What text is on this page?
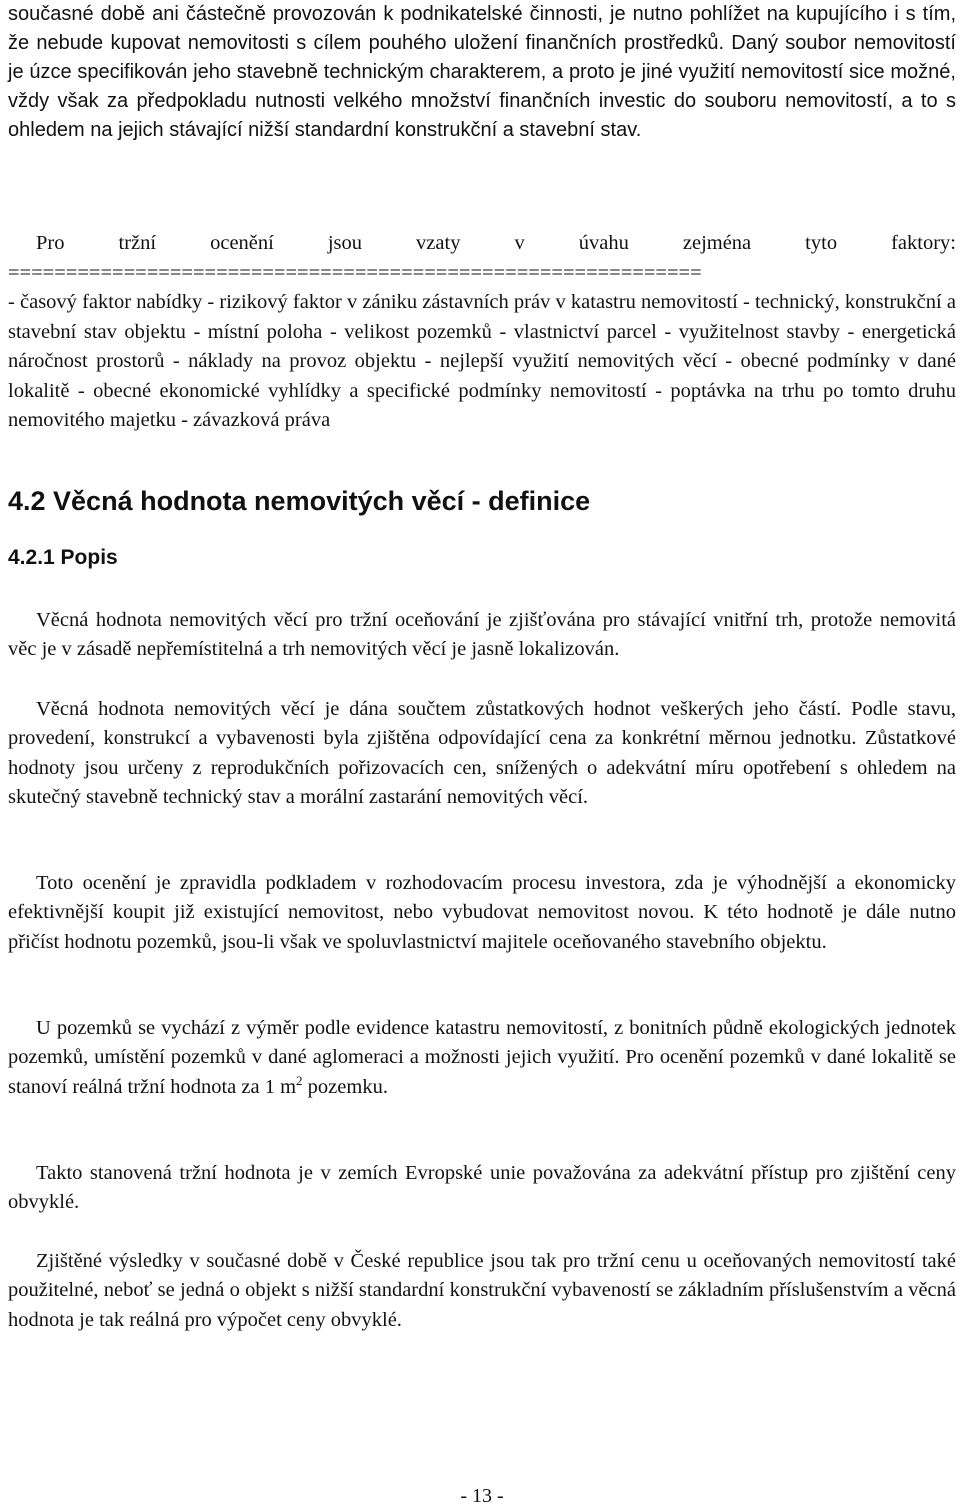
současné době ani částečně provozován k podnikatelské činnosti, je nutno pohlížet na kupujícího i s tím, že nebude kupovat nemovitosti s cílem pouhého uložení finančních prostředků. Daný soubor nemovitostí je úzce specifikován jeho stavebně technickým charakterem, a proto je jiné využití nemovitostí sice možné, vždy však za předpokladu nutnosti velkého množství finančních investic do souboru nemovitostí, a to s ohledem na jejich stávající nižší standardní konstrukční a stavební stav.

Pro tržní ocenění jsou vzaty v úvahu zejména tyto faktory:

============================================================

- časový faktor nabídky - rizikový faktor v zániku zástavních práv v katastru nemovitostí - technický, konstrukční a stavební stav objektu - místní poloha - velikost pozemků - vlastnictví parcel - využitelnost stavby - energetická náročnost prostorů - náklady na provoz objektu - nejlepší využití nemovitých věcí - obecné podmínky v dané lokalitě - obecné ekonomické vyhlídky a specifické podmínky nemovitostí - poptávka na trhu po tomto druhu nemovitého majetku - závazková práva

4.2 Věcná hodnota nemovitých věcí - definice
4.2.1 Popis

Věcná hodnota nemovitých věcí pro tržní oceňování je zjišťována pro stávající vnitřní trh, protože nemovitá věc je v zásadě nepřemístitelná a trh nemovitých věcí je jasně lokalizován.

Věcná hodnota nemovitých věcí je dána součtem zůstatkových hodnot veškerých jeho částí. Podle stavu, provedení, konstrukcí a vybavenosti byla zjištěna odpovídající cena za konkrétní měrnou jednotku. Zůstatkové hodnoty jsou určeny z reprodukčních pořizovacích cen, snížených o adekvátní míru opotřebení s ohledem na skutečný stavebně technický stav a morální zastarání nemovitých věcí.

Toto ocenění je zpravidla podkladem v rozhodovacím procesu investora, zda je výhodnější a ekonomicky efektivnější koupit již existující nemovitost, nebo vybudovat nemovitost novou. K této hodnotě je dále nutno přičíst hodnotu pozemků, jsou-li však ve spoluvlastnictví majitele oceňovaného stavebního objektu.

U pozemků se vychází z výměr podle evidence katastru nemovitostí, z bonitních půdně ekologických jednotek pozemků, umístění pozemků v dané aglomeraci a možnosti jejich využití. Pro ocenění pozemků v dané lokalitě se stanoví reálná tržní hodnota za 1 $m^2$ pozemku.

Takto stanovená tržní hodnota je v zemích Evropské unie považována za adekvátní přístup pro zjištění ceny obvyklé.

Zjištěné výsledky v současné době v České republice jsou tak pro tržní cenu u oceňovaných nemovitostí také použitelné, neboť se jedná o objekt s nižší standardní konstrukční vybaveností se základním příslušenstvím a věcná hodnota je tak reálná pro výpočet ceny obvyklé.

- 13 -
